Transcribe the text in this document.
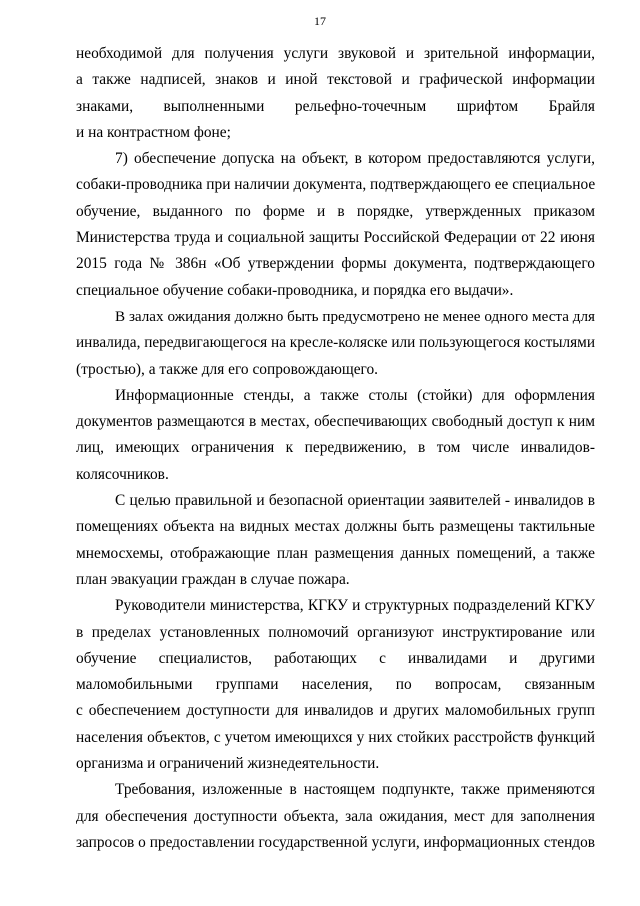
17
необходимой для получения услуги звуковой и зрительной информации,
а также надписей, знаков и иной текстовой и графической информации
знаками, выполненными рельефно-точечным шрифтом Брайля
и на контрастном фоне;
7) обеспечение допуска на объект, в котором предоставляются услуги,
собаки-проводника при наличии документа, подтверждающего ее специальное
обучение, выданного по форме и в порядке, утвержденных приказом
Министерства труда и социальной защиты Российской Федерации от 22 июня
2015 года № 386н «Об утверждении формы документа, подтверждающего
специальное обучение собаки-проводника, и порядка его выдачи».
В залах ожидания должно быть предусмотрено не менее одного места для
инвалида, передвигающегося на кресле-коляске или пользующегося костылями
(тростью), а также для его сопровождающего.
Информационные стенды, а также столы (стойки) для оформления
документов размещаются в местах, обеспечивающих свободный доступ к ним
лиц, имеющих ограничения к передвижению, в том числе инвалидов-
колясочников.
С целью правильной и безопасной ориентации заявителей - инвалидов в
помещениях объекта на видных местах должны быть размещены тактильные
мнемосхемы, отображающие план размещения данных помещений, а также
план эвакуации граждан в случае пожара.
Руководители министерства, КГКУ и структурных подразделений КГКУ
в пределах установленных полномочий организуют инструктирование или
обучение специалистов, работающих с инвалидами и другими
маломобильными группами населения, по вопросам, связанным
с обеспечением доступности для инвалидов и других маломобильных групп
населения объектов, с учетом имеющихся у них стойких расстройств функций
организма и ограничений жизнедеятельности.
Требования, изложенные в настоящем подпункте, также применяются
для обеспечения доступности объекта, зала ожидания, мест для заполнения
запросов о предоставлении государственной услуги, информационных стендов
